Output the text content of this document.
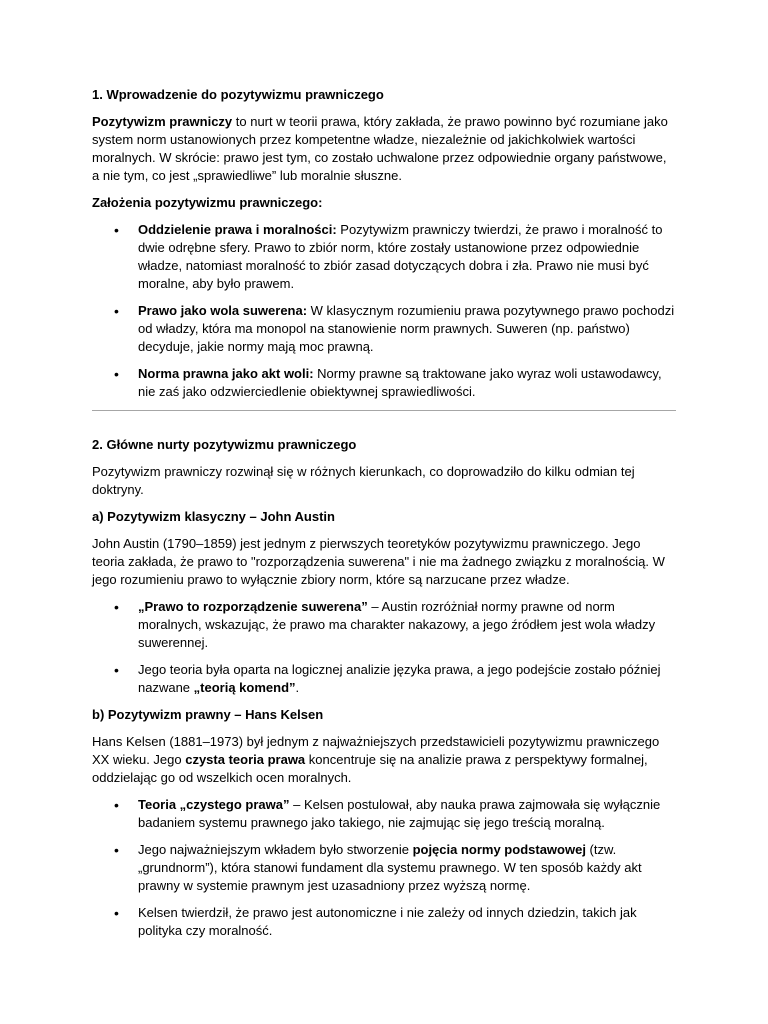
1. Wprowadzenie do pozytywizmu prawniczego

Pozytywizm prawniczy to nurt w teorii prawa, który zakłada, że prawo powinno być rozumiane jako system norm ustanowionych przez kompetentne władze, niezależnie od jakichkolwiek wartości moralnych. W skrócie: prawo jest tym, co zostało uchwalone przez odpowiednie organy państwowe, a nie tym, co jest „sprawiedliwe” lub moralnie słuszne.

Założenia pozytywizmu prawniczego:
• Oddzielenie prawa i moralności: Pozytywizm prawniczy twierdzi, że prawo i moralność to dwie odrębne sfery. Prawo to zbiór norm, które zostały ustanowione przez odpowiednie władze, natomiast moralność to zbiór zasad dotyczących dobra i zła. Prawo nie musi być moralne, aby było prawem.
• Prawo jako wola suwerena: W klasycznym rozumieniu prawa pozytywnego prawo pochodzi od władzy, która ma monopol na stanowienie norm prawnych. Suweren (np. państwo) decyduje, jakie normy mają moc prawną.
• Norma prawna jako akt woli: Normy prawne są traktowane jako wyraz woli ustawodawcy, nie zaś jako odzwierciedlenie obiektywnej sprawiedliwości.
2. Główne nurty pozytywizmu prawniczego

Pozytywizm prawniczy rozwinął się w różnych kierunkach, co doprowadziło do kilku odmian tej doktryny.

a) Pozytywizm klasyczny – John Austin

John Austin (1790–1859) jest jednym z pierwszych teoretyków pozytywizmu prawniczego. Jego teoria zakłada, że prawo to "rozporządzenia suwerena" i nie ma żadnego związku z moralnością. W jego rozumieniu prawo to wyłącznie zbiory norm, które są narzucane przez władze.

• „Prawo to rozporządzenie suwerena” – Austin rozróżniał normy prawne od norm moralnych, wskazując, że prawo ma charakter nakazowy, a jego źródłem jest wola władzy suwerennej.
• Jego teoria była oparta na logicznej analizie języka prawa, a jego podejście zostało później nazwane „teorią komend”.
b) Pozytywizm prawny – Hans Kelsen

Hans Kelsen (1881–1973) był jednym z najważniejszych przedstawicieli pozytywizmu prawniczego XX wieku. Jego czysta teoria prawa koncentruje się na analizie prawa z perspektywy formalnej, oddzielając go od wszelkich ocen moralnych.

• Teoria „czystego prawa” – Kelsen postulował, aby nauka prawa zajmowała się wyłącznie badaniem systemu prawnego jako takiego, nie zajmując się jego treścią moralną.
• Jego najważniejszym wkładem było stworzenie pojęcia normy podstawowej (tzw. „grundnorm”), która stanowi fundament dla systemu prawnego. W ten sposób każdy akt prawny w systemie prawnym jest uzasadniony przez wyższą normę.
• Kelsen twierdził, że prawo jest autonomiczne i nie zależy od innych dziedzin, takich jak polityka czy moralność.
